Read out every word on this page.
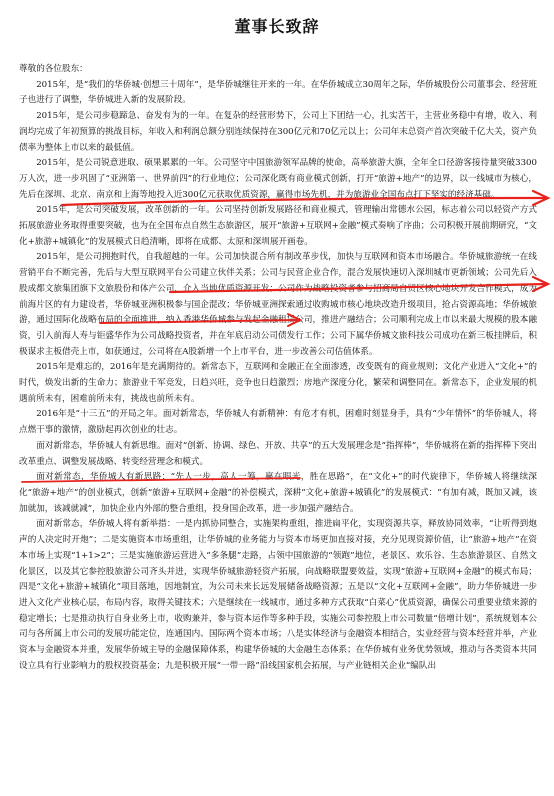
董事长致辞

尊敬的各位股东：

2015年，是“我们的华侨城·创想三十周年”，是华侨城继往开来的一年。在华侨城成立30周年之际，华侨城股份公司董事会、经营班子也进行了调整，华侨城进入新的发展阶段。

2015年，是公司步稳蹄急、奋发有为的一年。在复杂的经营形势下，公司上下团结一心，扎实苦干，主营业务稳中有增，收入、利润均完成了年初预算的挑战目标，年收入和利润总额分别连续保持在300亿元和70亿元以上；公司年末总资产首次突破千亿大关，资产负债率为整体上市以来的最低值。

2015年，是公司锐意进取、硕果累累的一年。公司坚守中国旅游领军品牌的使命，高举旅游大旗，全年全口径游客接待量突破3300万人次，进一步巩固了“亚洲第一、世界前四”的行业地位；公司深化既有商业模式创新，打开“旅游+地产”的边界，以一线城市为核心，先后在深圳、北京、南京和上海等地投入近300亿元获取优质资源，赢得市场先机，并为旅游业全国布点打下坚实的经济基础。

2015年，是公司突破发展，改革创新的一年。公司坚持创新发展路径和商业模式，管理输出常德水公园，标志着公司以轻资产方式拓展旅游业务取得重要突破，也为在全国布点自然生态旅游区，展开“旅游+互联网+金融”模式奏响了序曲；公司积极开展前期研究，“文化+旅游+城镇化”的发展模式日趋清晰，即将在成都、太原和深圳展开画卷。

2015年，是公司拥抱时代，自我超越的一年。公司加快混合所有制改革步伐，加快与互联网和资本市场融合。华侨城旅游统一在线营销平台不断完善，先后与大型互联网平台公司建立伙伴关系；公司与民营企业合作，混合发展快速切入深圳城市更新领域；公司先后入股成都文旅集团旗下文旅股份和体产公司，介入当地优质资源开发；公司作为战略投资者参与招商局自贸区核心地块开发合作模式，成为前海片区的有力建设者，华侨城亚洲积极参与国企混改；华侨城亚洲探索通过收购城市核心地块改造升级项目，抢占资源高地；华侨城旅游，通过国际化战略布局的全面推进，纳入香港华侨城参与发起金融租赁公司，推进产融结合；公司顺利完成上市以来最大规模的股本融资，引入前海人寿与钜盛华作为公司战略投资者，并在年底启动公司债发行工作；公司下属华侨城文旅科技公司成功在新三板挂牌后，积极谋求主板借壳上市，如获通过，公司将在A股新增一个上市平台，进一步改善公司估值体系。

2015年是难忘的，2016年是充满期待的。新常态下，互联网和金融正在全面渗透，改变既有的商业规则；文化产业进入“文化+”的时代，焕发出新的生命力；旅游业千军竞发，日趋兴旺，竞争也日趋激烈；房地产深度分化，繁荣和调整同在。新常态下，企业发展的机遇前所未有，困难前所未有，挑战也前所未有。

2016年是“十三五”的开局之年。面对新常态，华侨城人有新精神：有危才有机，困难时刻显身手，具有“少年情怀”的华侨城人，将点燃干事的激情，激励起再次创业的壮志。

面对新常态，华侨城人有新思维。面对“创新、协调、绿色、开放、共享”的五大发展理念是“指挥棒”，华侨城将在新的指挥棒下突出改革重点、调整发展战略、转变经营理念和模式。

面对新常态，华侨城人有新思路：“先人一步，高人一筹，赢在眼光，胜在思路”，在“文化+”的时代旋律下，华侨城人将继续深化“旅游+地产”的创业模式，创新“旅游+互联网+金融”的补偿模式，深耕“文化+旅游+城镇化”的发展模式：“有加有减，既加又减，该加就加，该减就减”，加快企业内外部的整合重组，投身国企改革，进一步加强产融结合。

面对新常态，华侨城人将有新举措：一是内抓协同整合，实施架构重组，推进扁平化，实现资源共享，释放协同效率，“让听得到炮声的人决定时开炮”；二是实施资本市场重组，让华侨城的业务能力与资本市场更加直接对接，充分见现资源价值，让“旅游+地产”在资本市场上实现“1+1>2”；三是实施旅游运营进入“多条腿”走路，占领中国旅游的“领跑”地位，老景区、欢乐谷、生态旅游景区、自然文化景区，以及其它参控股旅游公司齐头并进，实现华侨城旅游轻资产拓展，向战略联盟要效益，实现“旅游+互联网+金融”的模式布局；四是“文化+旅游+城镇化”项目落地，因地制宜，为公司未来长远发展储备战略资源；五是以“文化+互联网+金融”，助力华侨城进一步进入文化产业核心层，布局内容，取得关键技术；六是继续在一线城市，通过多种方式获取“白菜心”优质资源，确保公司重要业绩来源的稳定增长；七是推动执行自身业务上市，收购兼并，参与资本运作等多种手段，实施公司参控股上市公司数量“倍增计划”，系统规划本公司与各所属上市公司的发展功能定位，连通国内、国际两个资本市场；八是实体经济与金融资本相结合，实业经营与资本经营并举，产业资本与金融资本并重，发展华侨城主导的金融保障体系，构建华侨城的大金融生态体系；在华侨城有业务优势领域，推动与各类资本共同设立具有行业影响力的股权投资基金；九是积极开展“一带一路”沿线国家机会拓展，与产业链相关企业“编队出
